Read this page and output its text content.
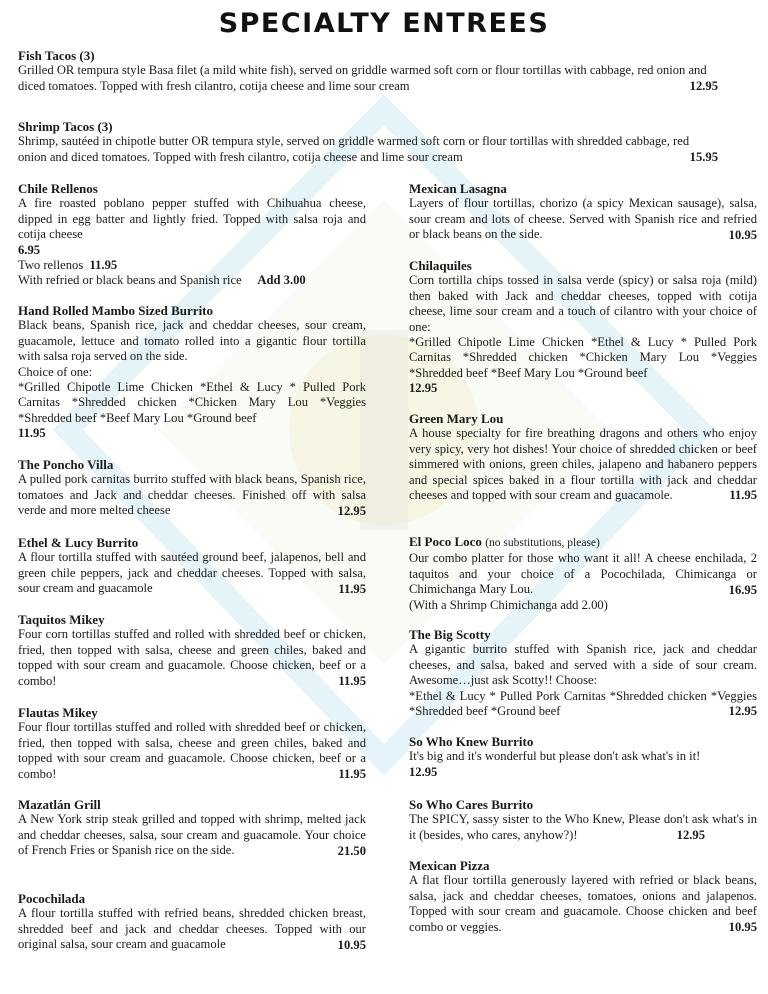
SPECIALTY ENTREES
Fish Tacos (3)
Grilled OR tempura style Basa filet (a mild white fish), served on griddle warmed soft corn or flour tortillas with cabbage, red onion and diced tomatoes. Topped with fresh cilantro, cotija cheese and lime sour cream	12.95
Shrimp Tacos (3)
Shrimp, sautéed in chipotle butter OR tempura style, served on griddle warmed soft corn or flour tortillas with shredded cabbage, red onion and diced tomatoes. Topped with fresh cilantro, cotija cheese and lime sour cream	15.95
Chile Rellenos
A fire roasted poblano pepper stuffed with Chihuahua cheese, dipped in egg batter and lightly fried. Topped with salsa roja and cotija cheese
6.95
Two rellenos 11.95
With refried or black beans and Spanish rice Add 3.00
Hand Rolled Mambo Sized Burrito
Black beans, Spanish rice, jack and cheddar cheeses, sour cream, guacamole, lettuce and tomato rolled into a gigantic flour tortilla with salsa roja served on the side.
Choice of one:
*Grilled Chipotle Lime Chicken *Ethel & Lucy * Pulled Pork Carnitas *Shredded chicken *Chicken Mary Lou *Veggies *Shredded beef *Beef Mary Lou *Ground beef
11.95
The Poncho Villa
A pulled pork carnitas burrito stuffed with black beans, Spanish rice, tomatoes and Jack and cheddar cheeses. Finished off with salsa verde and more melted cheese	12.95
Ethel & Lucy Burrito
A flour tortilla stuffed with sautéed ground beef, jalapenos, bell and green chile peppers, jack and cheddar cheeses. Topped with salsa, sour cream and guacamole	11.95
Taquitos Mikey
Four corn tortillas stuffed and rolled with shredded beef or chicken, fried, then topped with salsa, cheese and green chiles, baked and topped with sour cream and guacamole. Choose chicken, beef or a combo!	11.95
Flautas Mikey
Four flour tortillas stuffed and rolled with shredded beef or chicken, fried, then topped with salsa, cheese and green chiles, baked and topped with sour cream and guacamole. Choose chicken, beef or a combo!	11.95
Mazatlán Grill
A New York strip steak grilled and topped with shrimp, melted jack and cheddar cheeses, salsa, sour cream and guacamole. Your choice of French Fries or Spanish rice on the side.	21.50
Pocochilada
A flour tortilla stuffed with refried beans, shredded chicken breast, shredded beef and jack and cheddar cheeses. Topped with our original salsa, sour cream and guacamole	10.95
Mexican Lasagna
Layers of flour tortillas, chorizo (a spicy Mexican sausage), salsa, sour cream and lots of cheese. Served with Spanish rice and refried or black beans on the side.	10.95
Chilaquiles
Corn tortilla chips tossed in salsa verde (spicy) or salsa roja (mild) then baked with Jack and cheddar cheeses, topped with cotija cheese, lime sour cream and a touch of cilantro with your choice of one:
*Grilled Chipotle Lime Chicken *Ethel & Lucy * Pulled Pork Carnitas *Shredded chicken *Chicken Mary Lou *Veggies *Shredded beef *Beef Mary Lou *Ground beef
12.95
Green Mary Lou
A house specialty for fire breathing dragons and others who enjoy very spicy, very hot dishes! Your choice of shredded chicken or beef simmered with onions, green chiles, jalapeno and habanero peppers and special spices baked in a flour tortilla with jack and cheddar cheeses and topped with sour cream and guacamole.	11.95
El Poco Loco (no substitutions, please)
Our combo platter for those who want it all! A cheese enchilada, 2 taquitos and your choice of a Pocochilada, Chimicanga or Chimichanga Mary Lou.	16.95
(With a Shrimp Chimichanga add 2.00)
The Big Scotty
A gigantic burrito stuffed with Spanish rice, jack and cheddar cheeses, and salsa, baked and served with a side of sour cream. Awesome…just ask Scotty!! Choose:
*Ethel & Lucy * Pulled Pork Carnitas *Shredded chicken *Veggies *Shredded beef *Ground beef	12.95
So Who Knew Burrito
It's big and it's wonderful but please don't ask what's in it!
12.95
So Who Cares Burrito
The SPICY, sassy sister to the Who Knew, Please don't ask what's in it (besides, who cares, anyhow?)!	12.95
Mexican Pizza
A flat flour tortilla generously layered with refried or black beans, salsa, jack and cheddar cheeses, tomatoes, onions and jalapenos. Topped with sour cream and guacamole. Choose chicken and beef combo or veggies.	10.95
